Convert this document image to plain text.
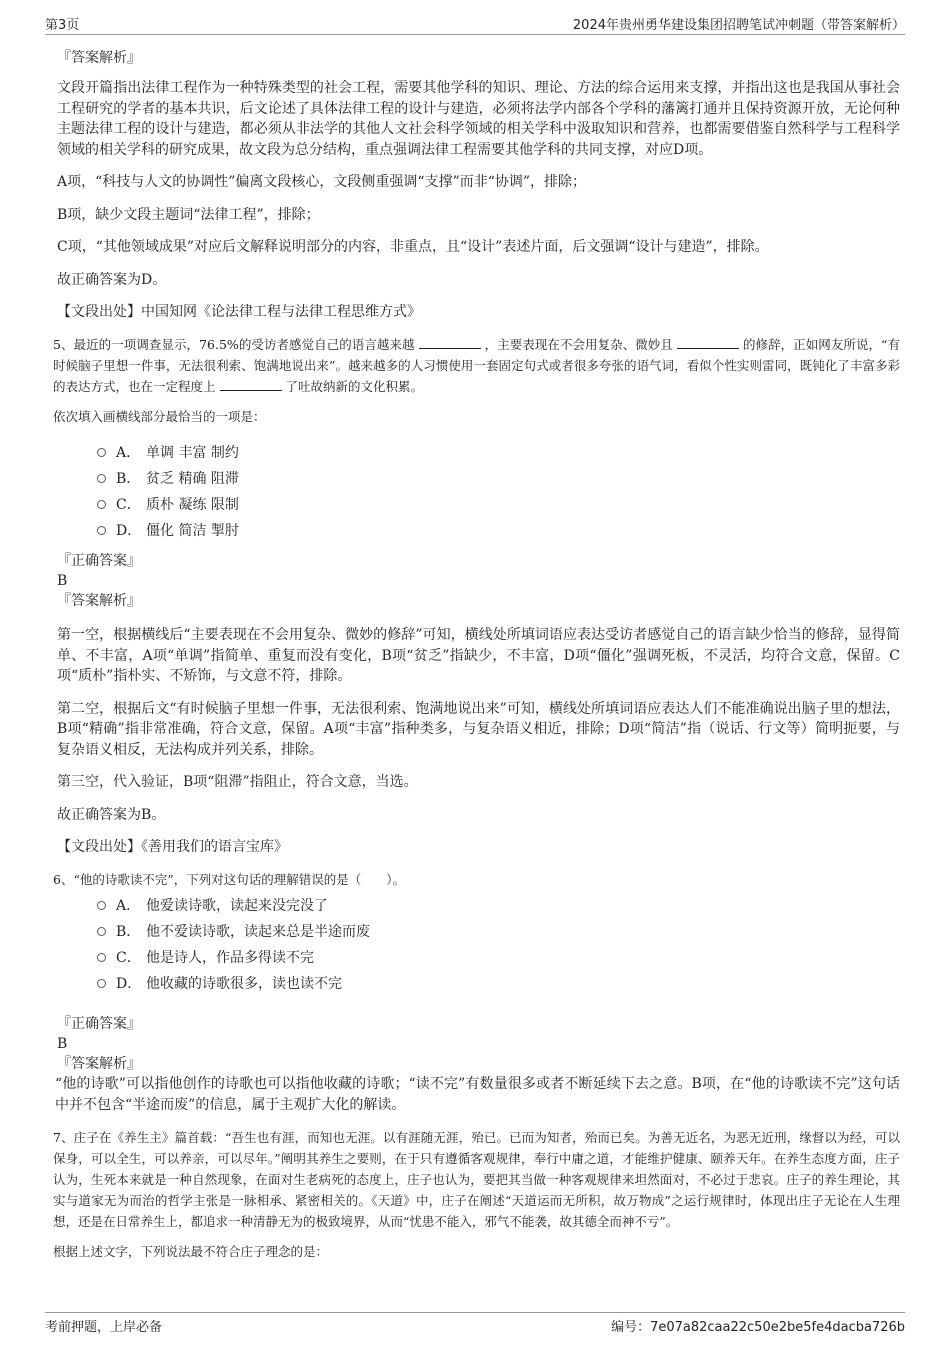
第3页	2024年贵州勇华建设集团招聘笔试冲刺题（带答案解析）

『答案解析』

文段开篇指出法律工程作为一种特殊类型的社会工程，需要其他学科的知识、理论、方法的综合运用来支撑，并指出这也是我国从事社会工程研究的学者的基本共识，后文论述了具体法律工程的设计与建造，必须将法学内部各个学科的藩篱打通并且保持资源开放，无论何种主题法律工程的设计与建造，都必须从非法学的其他人文社会科学领域的相关学科中汲取知识和营养，也都需要借鉴自然科学与工程科学领域的相关学科的研究成果，故文段为总分结构，重点强调法律工程需要其他学科的共同支撑，对应D项。

A项，“科技与人文的协调性”偏离文段核心，文段侧重强调“支撑”而非“协调”，排除；

B项，缺少文段主题词“法律工程”，排除；

C项，“其他领域成果”对应后文解释说明部分的内容，非重点，且“设计”表述片面，后文强调“设计与建造”，排除。

故正确答案为D。

【文段出处】中国知网《论法律工程与法律工程思维方式》

5、最近的一项调查显示，76.5%的受访者感觉自己的语言越来越	，主要表现在不会用复杂、微妙且	的修辞，正如网友所说，“有时候脑子里想一件事，无法很利索、饱满地说出来”。越来越多的人习惯使用一套固定句式或者很多夸张的语气词，看似个性实则雷同，既钝化了丰富多彩的表达方式，也在一定程度上	了吐故纳新的文化积累。

依次填入画横线部分最恰当的一项是：

A． 单调 丰富 制约
B． 贫乏 精确 阻滞
C． 质朴 凝练 限制
D． 僵化 简洁 掣肘

『正确答案』

B

『答案解析』

第一空，根据横线后“主要表现在不会用复杂、微妙的修辞”可知，横线处所填词语应表达受访者感觉自己的语言缺少恰当的修辞，显得简单、不丰富，A项“单调”指简单、重复而没有变化，B项“贫乏”指缺少，不丰富，D项“僵化”强调死板，不灵活，均符合文意，保留。C项“质朴”指朴实、不矫饰，与文意不符，排除。

第二空，根据后文“有时候脑子里想一件事，无法很利索、饱满地说出来”可知，横线处所填词语应表达人们不能准确说出脑子里的想法，B项“精确”指非常准确，符合文意，保留。A项“丰富”指种类多，与复杂语义相近，排除；D项“简洁”指（说话、行文等）简明扼要，与复杂语义相反，无法构成并列关系，排除。

第三空，代入验证，B项“阻滞”指阻止，符合文意，当选。

故正确答案为B。

【文段出处】《善用我们的语言宝库》

6、“他的诗歌读不完”，下列对这句话的理解错误的是（　　）。

A． 他爱读诗歌，读起来没完没了
B． 他不爱读诗歌，读起来总是半途而废
C． 他是诗人，作品多得读不完
D． 他收藏的诗歌很多，读也读不完

『正确答案』

B

『答案解析』

“他的诗歌”可以指他创作的诗歌也可以指他收藏的诗歌；“读不完”有数量很多或者不断延续下去之意。B项，在“他的诗歌读不完”这句话中并不包含“半途而废”的信息，属于主观扩大化的解读。

7、庄子在《养生主》篇首载：“吾生也有涯，而知也无涯。以有涯随无涯，殆已。已而为知者，殆而已矣。为善无近名，为恶无近刑，缘督以为经，可以保身，可以全生，可以养亲，可以尽年。”阐明其养生之要则，在于只有遵循客观规律，奉行中庸之道，才能维护健康、颐养天年。在养生态度方面，庄子认为，生死本来就是一种自然现象，在面对生老病死的态度上，庄子也认为，要把其当做一种客观规律来坦然面对，不必过于悲哀。庄子的养生理论，其实与道家无为而治的哲学主张是一脉相承、紧密相关的。《天道》中，庄子在阐述“天道运而无所积，故万物成”之运行规律时，体现出庄子无论在人生理想，还是在日常养生上，都追求一种清静无为的极致境界，从而“忧患不能入，邪气不能袭，故其德全而神不亏”。

根据上述文字，下列说法最不符合庄子理念的是：

考前押题，上岸必备	编号：7e07a82caa22c50e2be5fe4dacba726b
